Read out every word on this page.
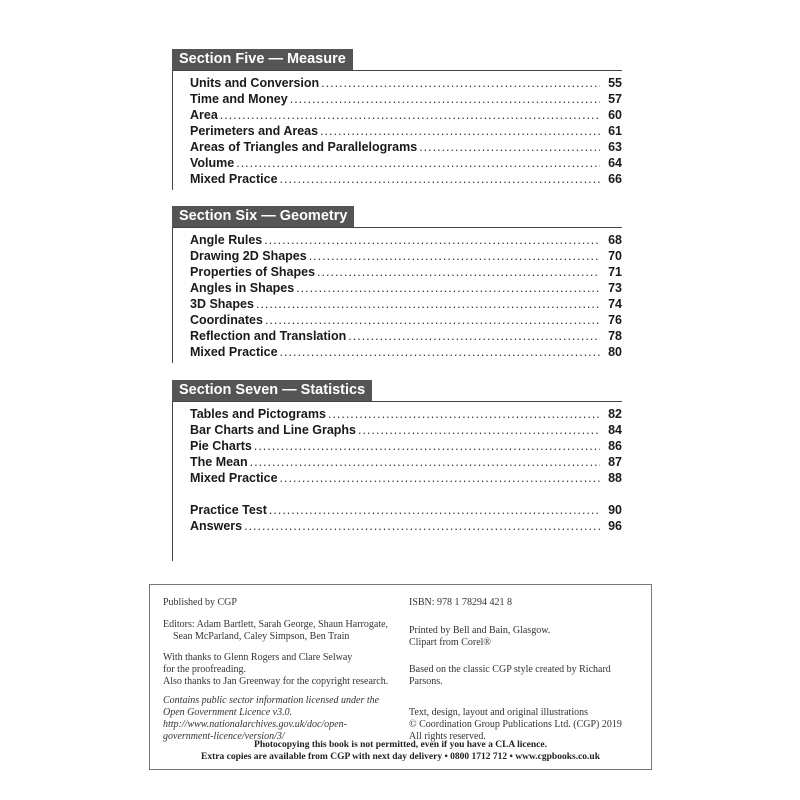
Section Five — Measure
Units and Conversion .....	55
Time and Money .....	57
Area .....	60
Perimeters and Areas .....	61
Areas of Triangles and Parallelograms .....	63
Volume .....	64
Mixed Practice .....	66
Section Six — Geometry
Angle Rules .....	68
Drawing 2D Shapes .....	70
Properties of Shapes .....	71
Angles in Shapes .....	73
3D Shapes .....	74
Coordinates .....	76
Reflection and Translation .....	78
Mixed Practice .....	80
Section Seven — Statistics
Tables and Pictograms .....	82
Bar Charts and Line Graphs .....	84
Pie Charts .....	86
The Mean .....	87
Mixed Practice .....	88
Practice Test .....	90
Answers .....	96

Published by CGP

Editors: Adam Bartlett, Sarah George, Shaun Harrogate,

Sean McParland, Caley Simpson, Ben Train

With thanks to Glenn Rogers and Clare Selway

for the proofreading.

Also thanks to Jan Greenway for the copyright research.

Contains public sector information licensed under the

Open Government Licence v3.0.

http://www.nationalarchives.gov.uk/doc/open-

government-licence/version/3/

ISBN: 978 1 78294 421 8

Printed by Bell and Bain, Glasgow.

Clipart from Corel®

Based on the classic CGP style created by Richard Parsons.

Text, design, layout and original illustrations

© Coordination Group Publications Ltd. (CGP) 2019

All rights reserved.

Photocopying this book is not permitted, even if you have a CLA licence.
Extra copies are available from CGP with next day delivery • 0800 1712 712 • www.cgpbooks.co.uk
